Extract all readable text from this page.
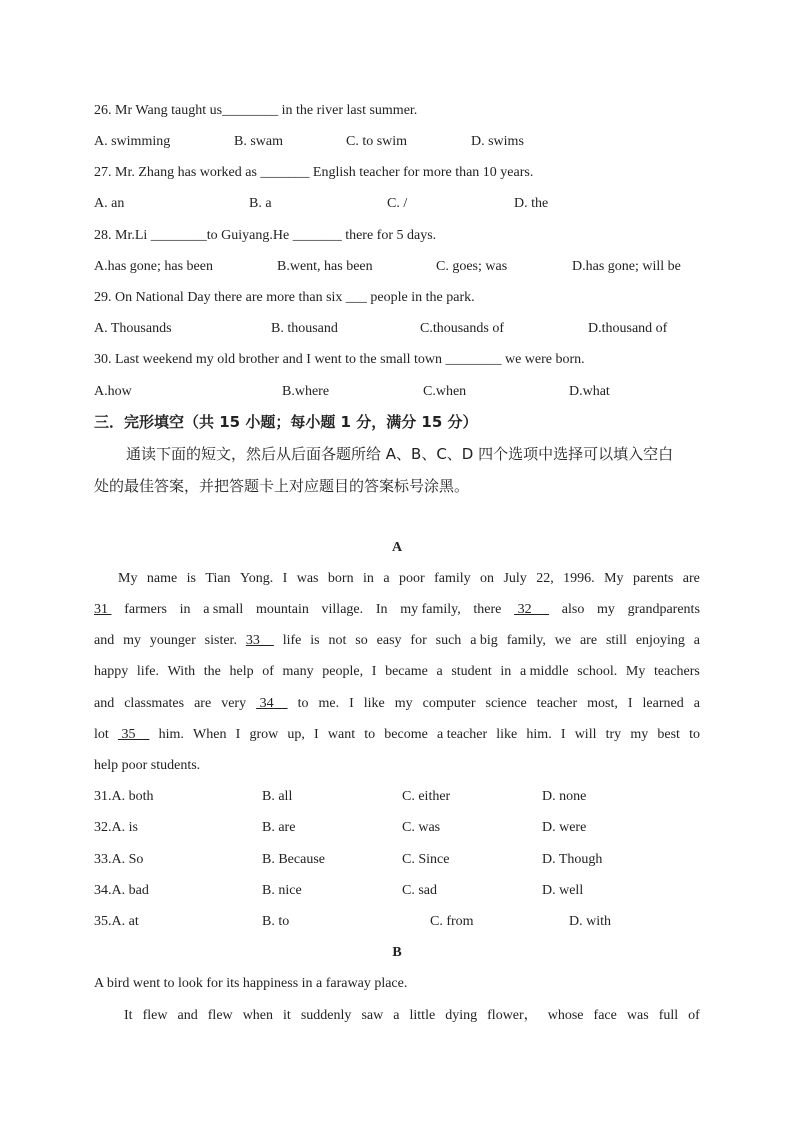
26. Mr Wang taught us________ in the river last summer.
A. swimming	B. swam	C. to swim	D. swims
27. Mr. Zhang has worked as _______ English teacher for more than 10 years.
A. an	B. a	C. /	D. the
28. Mr.Li ________to Guiyang.He _______ there for 5 days.
A.has gone; has been	B.went, has been	C. goes; was	D.has gone; will be
29. On National Day there are more than six ___ people in the park.
A. Thousands	B. thousand	C.thousands of	D.thousand of
30. Last weekend my old brother and I went to the small town ________ we were born.
A.how	B.where	C.when	D.what
三．完形填空（共 15 小题；每小题 1 分，满分 15 分）
通读下面的短文，然后从后面各题所给 A、B、C、D 四个选项中选择可以填入空白
处的最佳答案，并把答题卡上对应题目的答案标号涂黑。
A
My name is Tian Yong. I was born in a poor family on July 22, 1996. My parents are
31 farmers in a small mountain village. In my family, there 32 also my grandparents
and my younger sister. 33 life is not so easy for such a big family, we are still enjoying a
happy life. With the help of many people, I became a student in a middle school. My teachers
and classmates are very 34 to me. I like my computer science teacher most, I learned a
lot 35 him. When I grow up, I want to become a teacher like him. I will try my best to
help poor students.
31.A. both	B. all	C. either	D. none
32.A. is	B. are	C. was	D. were
33.A. So	B. Because	C. Since	D. Though
34.A. bad	B. nice	C. sad	D. well
35.A. at	B. to	C. from	D. with
B
A bird went to look for its happiness in a faraway place.
It flew and flew when it suddenly saw a little dying flower， whose face was full of
